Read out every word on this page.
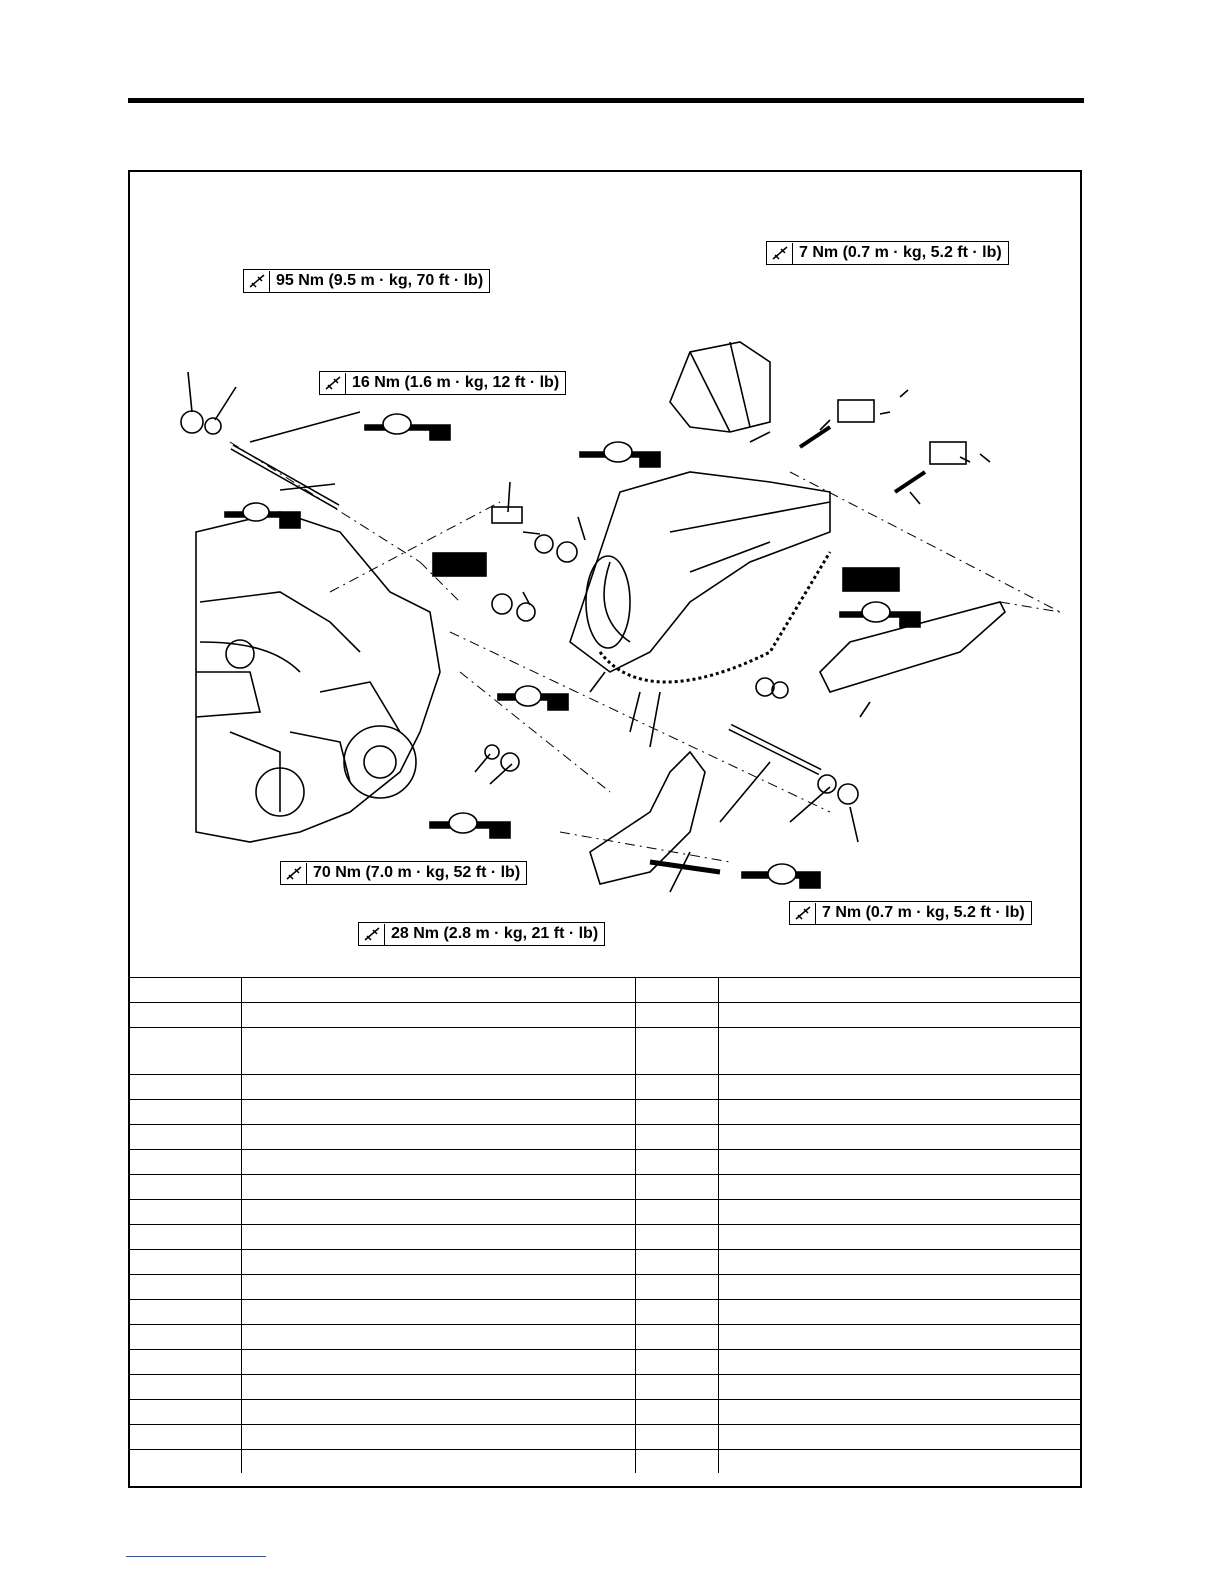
95 Nm (9.5 m · kg, 70 ft · lb)
16 Nm (1.6 m · kg, 12 ft · lb)
7 Nm (0.7 m · kg, 5.2 ft · lb)
70 Nm (7.0 m · kg, 52 ft · lb)
28 Nm (2.8 m · kg, 21 ft · lb)
7 Nm (0.7 m · kg, 5.2 ft · lb)
